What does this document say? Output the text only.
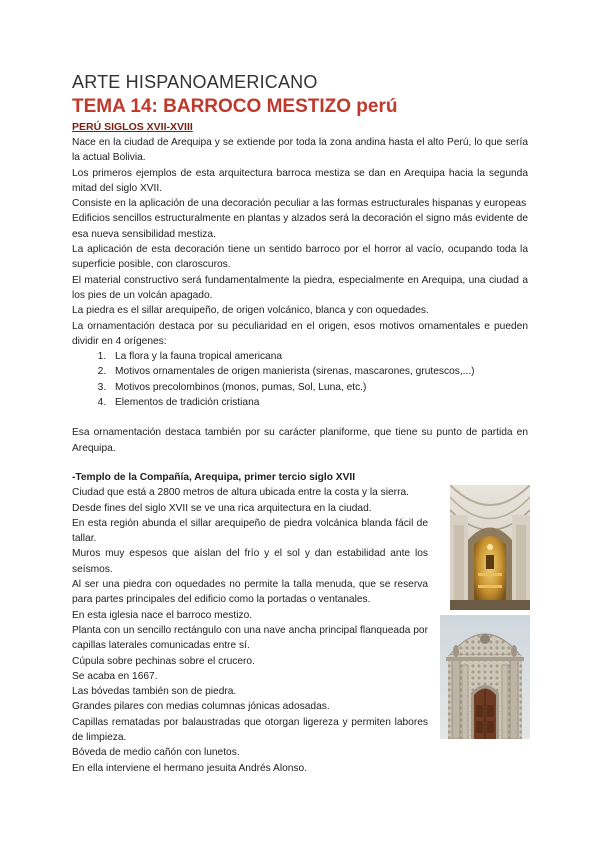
ARTE HISPANOAMERICANO
TEMA 14: BARROCO MESTIZO perú
PERÚ SIGLOS XVII-XVIII

Nace en la ciudad de Arequipa y se extiende por toda la zona andina hasta el alto Perú, lo que sería la actual Bolivia.

Los primeros ejemplos de esta arquitectura barroca mestiza se dan en Arequipa hacia la segunda mitad del siglo XVII.

Consiste en la aplicación de una decoración peculiar a las formas estructurales hispanas y europeas

Edificios sencillos estructuralmente en plantas y alzados será la decoración el signo más evidente de esa nueva sensibilidad mestiza.

La aplicación de esta decoración tiene un sentido barroco por el horror al vacío, ocupando toda la superficie posible, con claroscuros.

El material constructivo será fundamentalmente la piedra, especialmente en Arequipa, una ciudad a los pies de un volcán apagado.

La piedra es el sillar arequipeño, de origen volcánico, blanca y con oquedades.

La ornamentación destaca por su peculiaridad en el origen, esos motivos ornamentales e pueden dividir en 4 orígenes:

1. La flora y la fauna tropical americana
2. Motivos ornamentales de origen manierista (sirenas, mascarones, grutescos,...)
3. Motivos precolombinos (monos, pumas, Sol, Luna, etc.)
4. Elementos de tradición cristiana

Esa ornamentación destaca también por su carácter planiforme, que tiene su punto de partida en Arequipa.

-Templo de la Compañía, Arequipa, primer tercio siglo XVII

Ciudad que está a 2800 metros de altura ubicada entre la costa y la sierra.

Desde fines del siglo XVII se ve una rica arquitectura en la ciudad.

En esta región abunda el sillar arequipeño de piedra volcánica blanda fácil de tallar.

Muros muy espesos que aíslan del frío y el sol y dan estabilidad ante los seísmos.

Al ser una piedra con oquedades no permite la talla menuda, que se reserva para partes principales del edificio como la portadas o ventanales.

En esta iglesia nace el barroco mestizo.

Planta con un sencillo rectángulo con una nave ancha principal flanqueada por capillas laterales comunicadas entre sí.

Cúpula sobre pechinas sobre el crucero.

Se acaba en 1667.

Las bóvedas también son de piedra.

Grandes pilares con medias columnas jónicas adosadas.

Capillas rematadas por balaustradas que otorgan ligereza y permiten labores de limpieza.

Bóveda de medio cañón con lunetos.

En ella interviene el hermano jesuita Andrés Alonso.
